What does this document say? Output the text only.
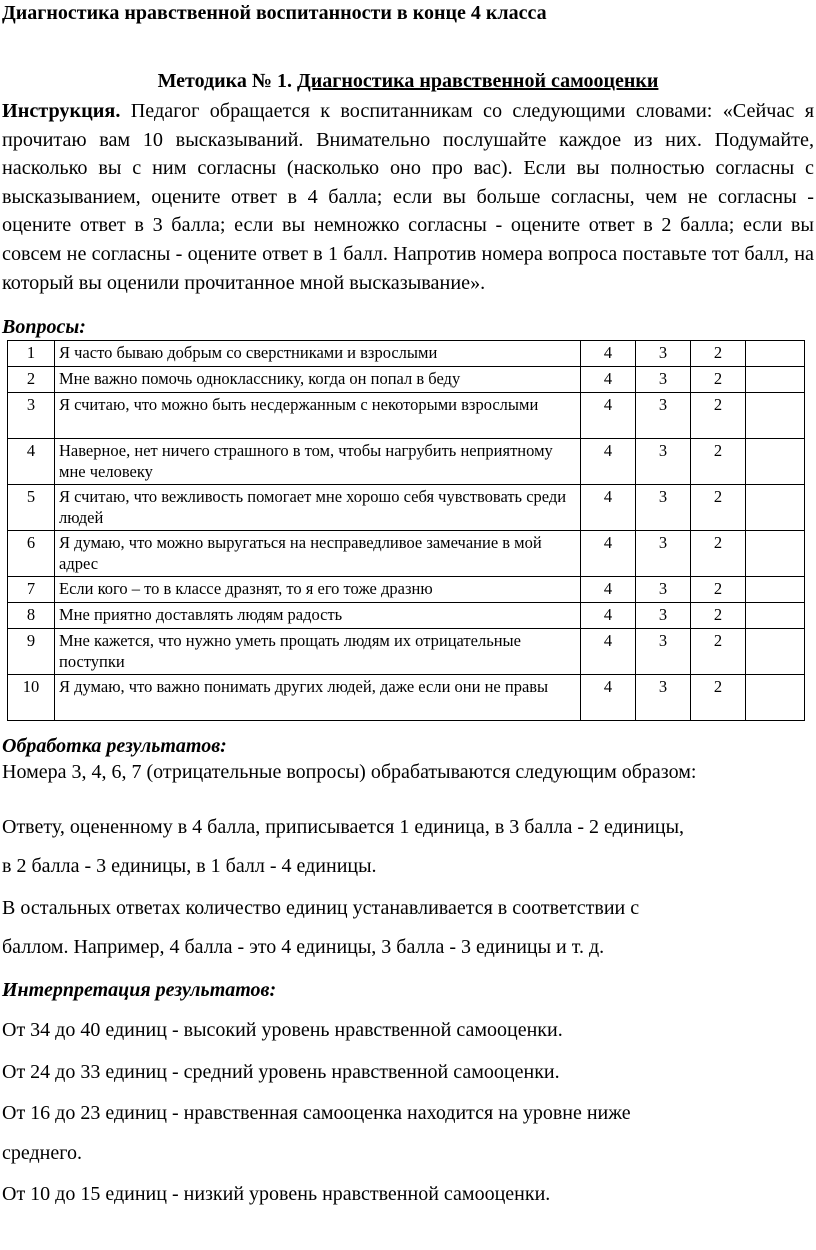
Диагностика нравственной воспитанности в конце 4 класса
Методика № 1. Диагностика нравственной самооценки

Инструкция. Педагог обращается к воспитанникам со следующими словами: «Сейчас я прочитаю вам 10 высказываний. Внимательно послушайте каждое из них. Подумайте, насколько вы с ним согласны (насколько оно про вас). Если вы полностью согласны с высказыванием, оцените ответ в 4 балла; если вы больше согласны, чем не согласны - оцените ответ в 3 балла; если вы немножко согласны - оцените ответ в 2 балла; если вы совсем не согласны - оцените ответ в 1 балл. Напротив номера вопроса поставьте тот балл, на который вы оценили прочитанное мной высказывание».

Вопросы:
1	Я часто бываю добрым со сверстниками и взрослыми	4	3	2	
2	Мне важно помочь однокласснику, когда он попал в беду	4	3	2	
3	Я считаю, что можно быть несдержанным с некоторыми взрослыми	4	3	2	
4	Наверное, нет ничего страшного в том, чтобы нагрубить неприятному мне человеку	4	3	2	
5	Я считаю, что вежливость помогает мне хорошо себя чувствовать среди людей	4	3	2	
6	Я думаю, что можно выругаться на несправедливое замечание в мой адрес	4	3	2	
7	Если кого – то в классе дразнят, то я его тоже дразню	4	3	2	
8	Мне приятно доставлять людям радость	4	3	2	
9	Мне кажется, что нужно уметь прощать людям их отрицательные поступки	4	3	2	
10	Я думаю, что важно понимать других людей, даже если они не правы	4	3	2	
Обработка результатов:

Номера 3, 4, 6, 7 (отрицательные вопросы) обрабатываются следующим образом:

Ответу, оцененному в 4 балла, приписывается 1 единица, в 3 балла - 2 единицы,

в 2 балла - 3 единицы, в 1 балл - 4 единицы.

В остальных ответах количество единиц устанавливается в соответствии с

баллом. Например, 4 балла - это 4 единицы, 3 балла - 3 единицы и т. д.

Интерпретация результатов:

От 34 до 40 единиц - высокий уровень нравственной самооценки.

От 24 до 33 единиц - средний уровень нравственной самооценки.

От 16 до 23 единиц - нравственная самооценка находится на уровне ниже

среднего.

От 10 до 15 единиц - низкий уровень нравственной самооценки.
